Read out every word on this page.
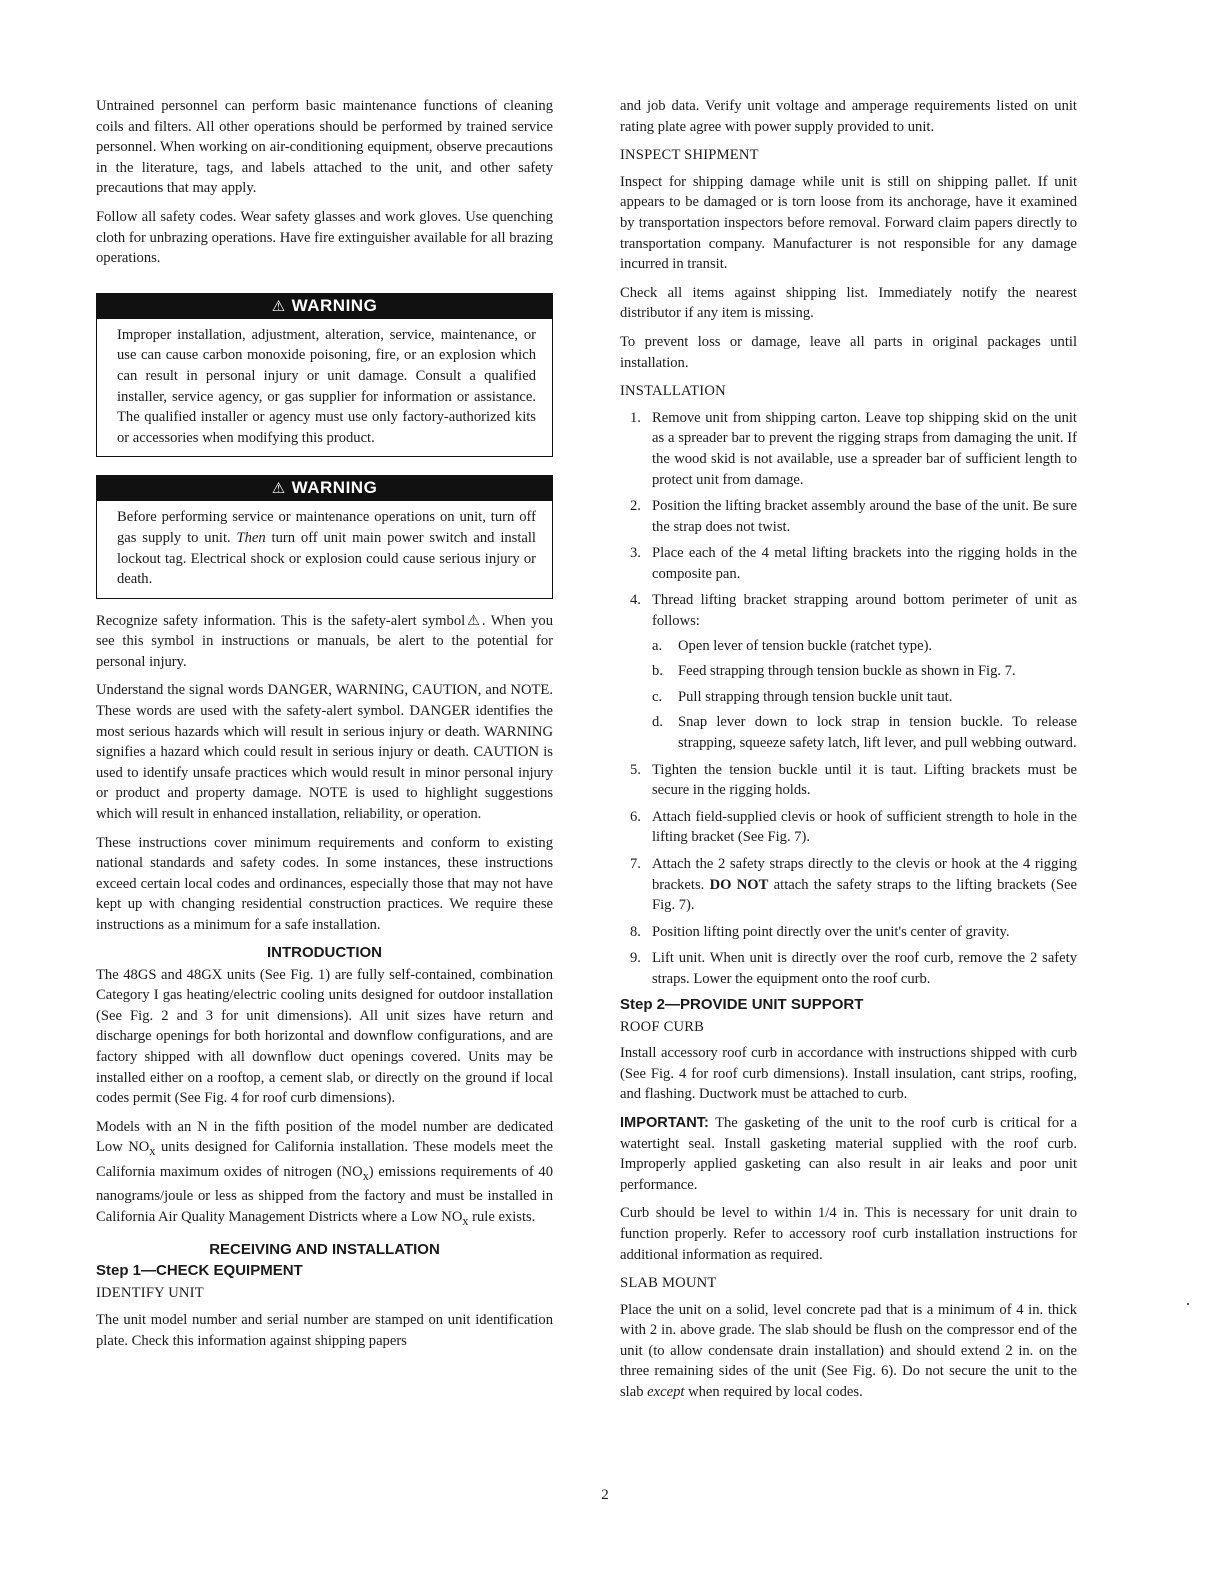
Untrained personnel can perform basic maintenance functions of cleaning coils and filters. All other operations should be performed by trained service personnel. When working on air-conditioning equipment, observe precautions in the literature, tags, and labels attached to the unit, and other safety precautions that may apply.

Follow all safety codes. Wear safety glasses and work gloves. Use quenching cloth for unbrazing operations. Have fire extinguisher available for all brazing operations.

⚠ WARNING

Improper installation, adjustment, alteration, service, maintenance, or use can cause carbon monoxide poisoning, fire, or an explosion which can result in personal injury or unit damage. Consult a qualified installer, service agency, or gas supplier for information or assistance. The qualified installer or agency must use only factory-authorized kits or accessories when modifying this product.

⚠ WARNING

Before performing service or maintenance operations on unit, turn off gas supply to unit. Then turn off unit main power switch and install lockout tag. Electrical shock or explosion could cause serious injury or death.

Recognize safety information. This is the safety-alert symbol⚠. When you see this symbol in instructions or manuals, be alert to the potential for personal injury.

Understand the signal words DANGER, WARNING, CAUTION, and NOTE. These words are used with the safety-alert symbol. DANGER identifies the most serious hazards which will result in serious injury or death. WARNING signifies a hazard which could result in serious injury or death. CAUTION is used to identify unsafe practices which would result in minor personal injury or product and property damage. NOTE is used to highlight suggestions which will result in enhanced installation, reliability, or operation.

These instructions cover minimum requirements and conform to existing national standards and safety codes. In some instances, these instructions exceed certain local codes and ordinances, especially those that may not have kept up with changing residential construction practices. We require these instructions as a minimum for a safe installation.

INTRODUCTION

The 48GS and 48GX units (See Fig. 1) are fully self-contained, combination Category I gas heating/electric cooling units designed for outdoor installation (See Fig. 2 and 3 for unit dimensions). All unit sizes have return and discharge openings for both horizontal and downflow configurations, and are factory shipped with all downflow duct openings covered. Units may be installed either on a rooftop, a cement slab, or directly on the ground if local codes permit (See Fig. 4 for roof curb dimensions).

Models with an N in the fifth position of the model number are dedicated Low $NO_x$ units designed for California installation. These models meet the California maximum oxides of nitrogen $(NO_x)$ emissions requirements of 40 nanograms/joule or less as shipped from the factory and must be installed in California Air Quality Management Districts where a Low $NO_x$ rule exists.

RECEIVING AND INSTALLATION
Step 1—CHECK EQUIPMENT
IDENTIFY UNIT

The unit model number and serial number are stamped on unit identification plate. Check this information against shipping papers

and job data. Verify unit voltage and amperage requirements listed on unit rating plate agree with power supply provided to unit.

INSPECT SHIPMENT

Inspect for shipping damage while unit is still on shipping pallet. If unit appears to be damaged or is torn loose from its anchorage, have it examined by transportation inspectors before removal. Forward claim papers directly to transportation company. Manufacturer is not responsible for any damage incurred in transit.

Check all items against shipping list. Immediately notify the nearest distributor if any item is missing.

To prevent loss or damage, leave all parts in original packages until installation.

INSTALLATION
1. Remove unit from shipping carton. Leave top shipping skid on the unit as a spreader bar to prevent the rigging straps from damaging the unit. If the wood skid is not available, use a spreader bar of sufficient length to protect unit from damage.

2. Position the lifting bracket assembly around the base of the unit. Be sure the strap does not twist.

3. Place each of the 4 metal lifting brackets into the rigging holds in the composite pan.

4. Thread lifting bracket strapping around bottom perimeter of unit as follows:

a. Open lever of tension buckle (ratchet type).

b. Feed strapping through tension buckle as shown in Fig. 7.

c. Pull strapping through tension buckle unit taut.

d. Snap lever down to lock strap in tension buckle. To release strapping, squeeze safety latch, lift lever, and pull webbing outward.

5. Tighten the tension buckle until it is taut. Lifting brackets must be secure in the rigging holds.

6. Attach field-supplied clevis or hook of sufficient strength to hole in the lifting bracket (See Fig. 7).

7. Attach the 2 safety straps directly to the clevis or hook at the 4 rigging brackets. DO NOT attach the safety straps to the lifting brackets (See Fig. 7).

8. Position lifting point directly over the unit's center of gravity.

9. Lift unit. When unit is directly over the roof curb, remove the 2 safety straps. Lower the equipment onto the roof curb.

Step 2—PROVIDE UNIT SUPPORT
ROOF CURB

Install accessory roof curb in accordance with instructions shipped with curb (See Fig. 4 for roof curb dimensions). Install insulation, cant strips, roofing, and flashing. Ductwork must be attached to curb.

IMPORTANT: The gasketing of the unit to the roof curb is critical for a watertight seal. Install gasketing material supplied with the roof curb. Improperly applied gasketing can also result in air leaks and poor unit performance.

Curb should be level to within 1/4 in. This is necessary for unit drain to function properly. Refer to accessory roof curb installation instructions for additional information as required.

SLAB MOUNT

Place the unit on a solid, level concrete pad that is a minimum of 4 in. thick with 2 in. above grade. The slab should be flush on the compressor end of the unit (to allow condensate drain installation) and should extend 2 in. on the three remaining sides of the unit (See Fig. 6). Do not secure the unit to the slab except when required by local codes.

2
